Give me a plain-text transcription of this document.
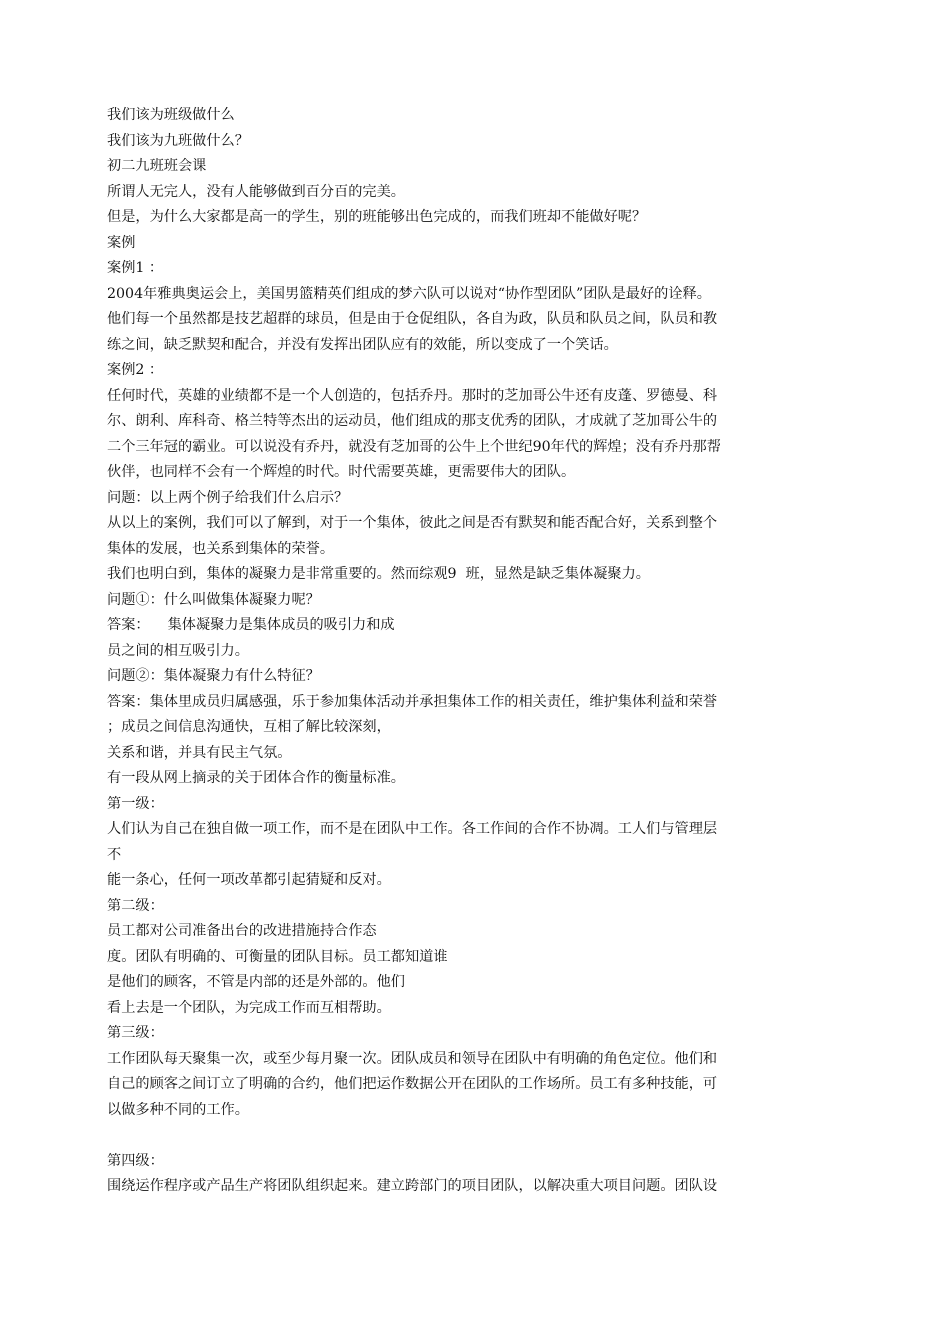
我们该为班级做什么
我们该为九班做什么？
初二九班班会课
所谓人无完人，没有人能够做到百分百的完美。
但是，为什么大家都是高一的学生，别的班能够出色完成的，而我们班却不能做好呢？
案例
案例1 ：
2004年雅典奥运会上，美国男篮精英们组成的梦六队可以说对“协作型团队”团队是最好的诠释。
他们每一个虽然都是技艺超群的球员，但是由于仓促组队，各自为政，队员和队员之间，队员和教
练之间，缺乏默契和配合，并没有发挥出团队应有的效能，所以变成了一个笑话。
案例2 ：
任何时代，英雄的业绩都不是一个人创造的，包括乔丹。那时的芝加哥公牛还有皮蓬、罗德曼、科
尔、朗利、库科奇、格兰特等杰出的运动员，他们组成的那支优秀的团队，才成就了芝加哥公牛的
二个三年冠的霸业。可以说没有乔丹，就没有芝加哥的公牛上个世纪90年代的辉煌；没有乔丹那帮
伙伴，也同样不会有一个辉煌的时代。时代需要英雄，更需要伟大的团队。
问题：以上两个例子给我们什么启示？
从以上的案例，我们可以了解到，对于一个集体，彼此之间是否有默契和能否配合好，关系到整个
集体的发展，也关系到集体的荣誉。
我们也明白到，集体的凝聚力是非常重要的。然而综观9  班，显然是缺乏集体凝聚力。
问题①：什么叫做集体凝聚力呢？
答案：    集体凝聚力是集体成员的吸引力和成
员之间的相互吸引力。
问题②：集体凝聚力有什么特征？
答案：集体里成员归属感强，乐于参加集体活动并承担集体工作的相关责任，维护集体利益和荣誉
；成员之间信息沟通快，互相了解比较深刻，
关系和谐，并具有民主气氛。
有一段从网上摘录的关于团体合作的衡量标准。
第一级：
人们认为自己在独自做一项工作，而不是在团队中工作。各工作间的合作不协凋。工人们与管理层
不
能一条心，任何一项改革都引起猜疑和反对。
第二级：
员工都对公司准备出台的改进措施持合作态
度。团队有明确的、可衡量的团队目标。员工都知道谁
是他们的顾客，不管是内部的还是外部的。他们
看上去是一个团队，为完成工作而互相帮助。
第三级：
工作团队每天聚集一次，或至少每月聚一次。团队成员和领导在团队中有明确的角色定位。他们和
自己的顾客之间订立了明确的合约，他们把运作数据公开在团队的工作场所。员工有多种技能，可
以做多种不同的工作。
第四级：
围绕运作程序或产品生产将团队组织起来。建立跨部门的项目团队，以解决重大项目问题。团队设
